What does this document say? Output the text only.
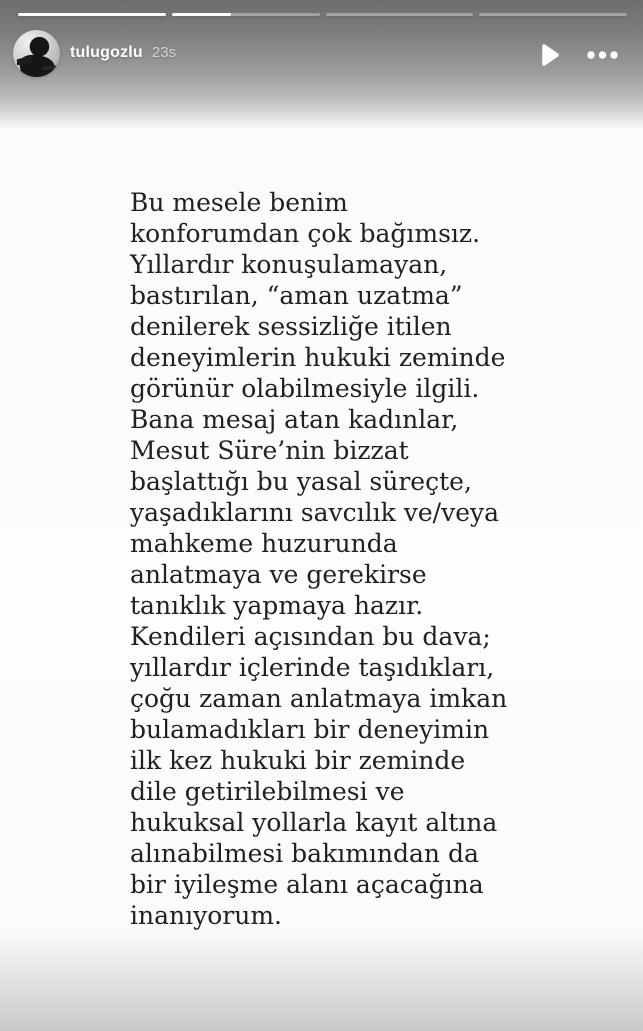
tulugozlu 23s
Bu mesele benim
konforumdan çok bağımsız.
Yıllardır konuşulamayan,
bastırılan, “aman uzatma”
denilerek sessizliğe itilen
deneyimlerin hukuki zeminde
görünür olabilmesiyle ilgili.
Bana mesaj atan kadınlar,
Mesut Süre’nin bizzat
başlattığı bu yasal süreçte,
yaşadıklarını savcılık ve/veya
mahkeme huzurunda
anlatmaya ve gerekirse
tanıklık yapmaya hazır.
Kendileri açısından bu dava;
yıllardır içlerinde taşıdıkları,
çoğu zaman anlatmaya imkan
bulamadıkları bir deneyimin
ilk kez hukuki bir zeminde
dile getirilebilmesi ve
hukuksal yollarla kayıt altına
alınabilmesi bakımından da
bir iyileşme alanı açacağına
inanıyorum.
